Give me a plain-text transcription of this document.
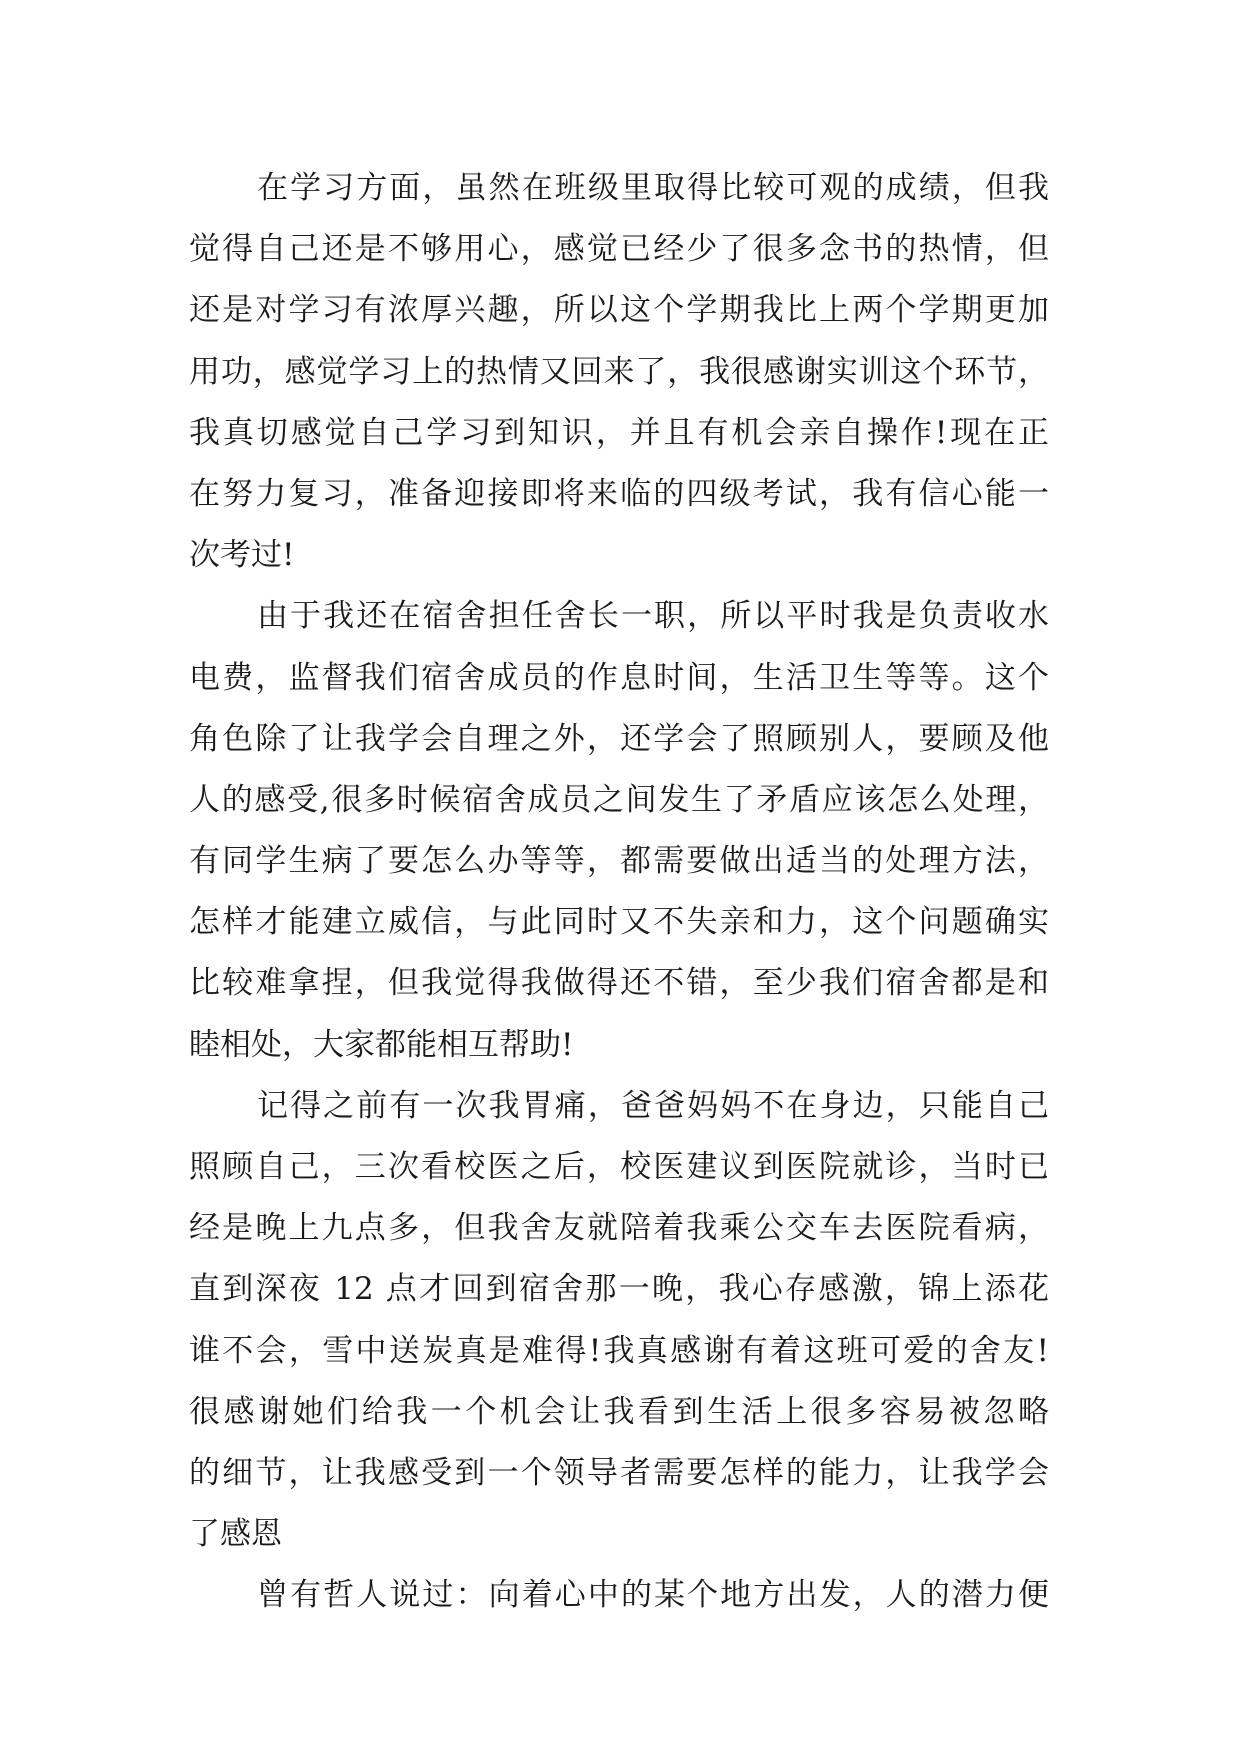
在学习方面，虽然在班级里取得比较可观的成绩，但我
觉得自己还是不够用心，感觉已经少了很多念书的热情，但
还是对学习有浓厚兴趣，所以这个学期我比上两个学期更加
用功，感觉学习上的热情又回来了，我很感谢实训这个环节，
我真切感觉自己学习到知识，并且有机会亲自操作!现在正
在努力复习，准备迎接即将来临的四级考试，我有信心能一
次考过!
由于我还在宿舍担任舍长一职，所以平时我是负责收水
电费，监督我们宿舍成员的作息时间，生活卫生等等。这个
角色除了让我学会自理之外，还学会了照顾别人，要顾及他
人的感受,很多时候宿舍成员之间发生了矛盾应该怎么处理，
有同学生病了要怎么办等等，都需要做出适当的处理方法，
怎样才能建立威信，与此同时又不失亲和力，这个问题确实
比较难拿捏，但我觉得我做得还不错，至少我们宿舍都是和
睦相处，大家都能相互帮助!
记得之前有一次我胃痛，爸爸妈妈不在身边，只能自己
照顾自己，三次看校医之后，校医建议到医院就诊，当时已
经是晚上九点多，但我舍友就陪着我乘公交车去医院看病，
直到深夜 12 点才回到宿舍那一晚，我心存感激，锦上添花
谁不会，雪中送炭真是难得!我真感谢有着这班可爱的舍友!
很感谢她们给我一个机会让我看到生活上很多容易被忽略
的细节，让我感受到一个领导者需要怎样的能力，让我学会
了感恩
曾有哲人说过：向着心中的某个地方出发，人的潜力便
